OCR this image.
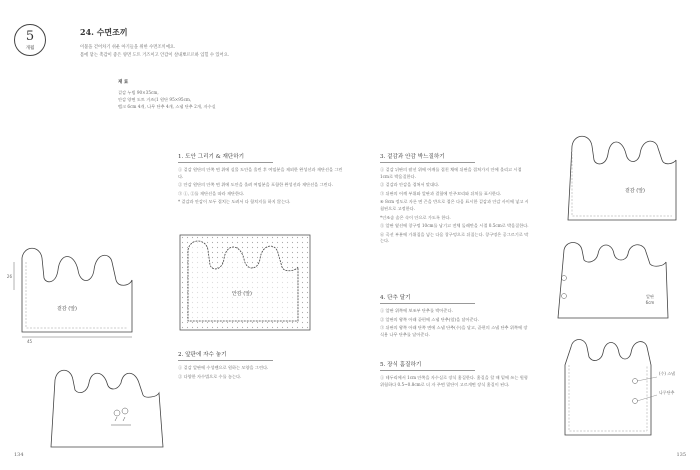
5
개월
24. 수면조끼
이불을 걷어차기 쉬운 아기들을 위한 수면조끼예요.
몸에 닿는 촉감이 좋은 양면 도트 거즈이고 안감이 살내뽀르르하 입힐 수 있어요.
재 료
겉감 누빔 90×35cm,
안감 양면 도트 거즈(1 원단 95×95cm,
벨크 6cm 4개, 나무 단추 4개, 스냅 단추 2개, 자수실
겉감 (앞)
26
45
안감 (앞)
1. 도안 그리기 & 재단하기
① 겉감 원단의 안쪽 면 위에 실물 도안을 올린 후 여밈분을 제외한 완성선과 재단선을 그린다.
② 안감 원단의 안쪽 면 위에 도안을 올려 여밈분을 포함한 완성선과 재단선을 그린다.
③ ①, ②를 재단선을 따라 재단한다.
* 겉감과 안감이 모두 겹치는 도려서 다 합치지를 하지 않는다.
2. 앞판에 자수 놓기
① 겉감 앞판에 수성펜으로 원하는 모양을 그린다.
② 다양한 자수법으로 수를 놓는다.
134
3. 겉감과 안감 박느질하기
① 겉감 뒤판의 팔선 위에 어깨를 겹친 채에 뒤판을 겹쳐가지 안에 올리고 시접 1cm로 박음질한다.
② 겉감과 안감을 겹쳐서 맞대다.
③ 뒤판의 어깨 부위와 앞판과 결합에 안주꼬리와 뒤처를 표시한다.
④ 8cm 정도로 자른 면 끈을 반으로 접은 다음 표시한 겉감과 안감 사이에 넣고 시침핀으로 고정한다.
*인조솜 솜은 속이 안으로 가도록 한다.
⑤ 앞판 옆선에 창구멍 10cm를 남기고 전체 둘레만을 시접 0.5cm로 박음질한다.
⑥ 곡선 부분에 가위집을 넣는 다음 창구멍으로 뒤집는다. 창구멍은 공그르기로 막는다.
4. 단추 달기
① 앞판 위쪽에 보조부 단추를 박아준다.
② 앞판의 왕쪽 아래 끝편에 스냅 단추(암)을 달아준다.
③ 뒤판의 왕쪽 아래 단쪽 면에 스냅 단추(수)을 달고, 끝편의 스냅 단추 위쪽에 장식용 나무 단추를 달아준다.
5. 장식 홈질하기
① 테두리에서 1cm 안쪽을 자수실로 장식 홈질한다. 홈질을 할 때 밑에 쓰는 원형 위험하다 0.5~0.8cm로 더 자 주면 밑단이 고르게면 장식 홈질이 된다.
겉감 (앞)
앞판
6cm
(수) 스냅
나무단추
135
